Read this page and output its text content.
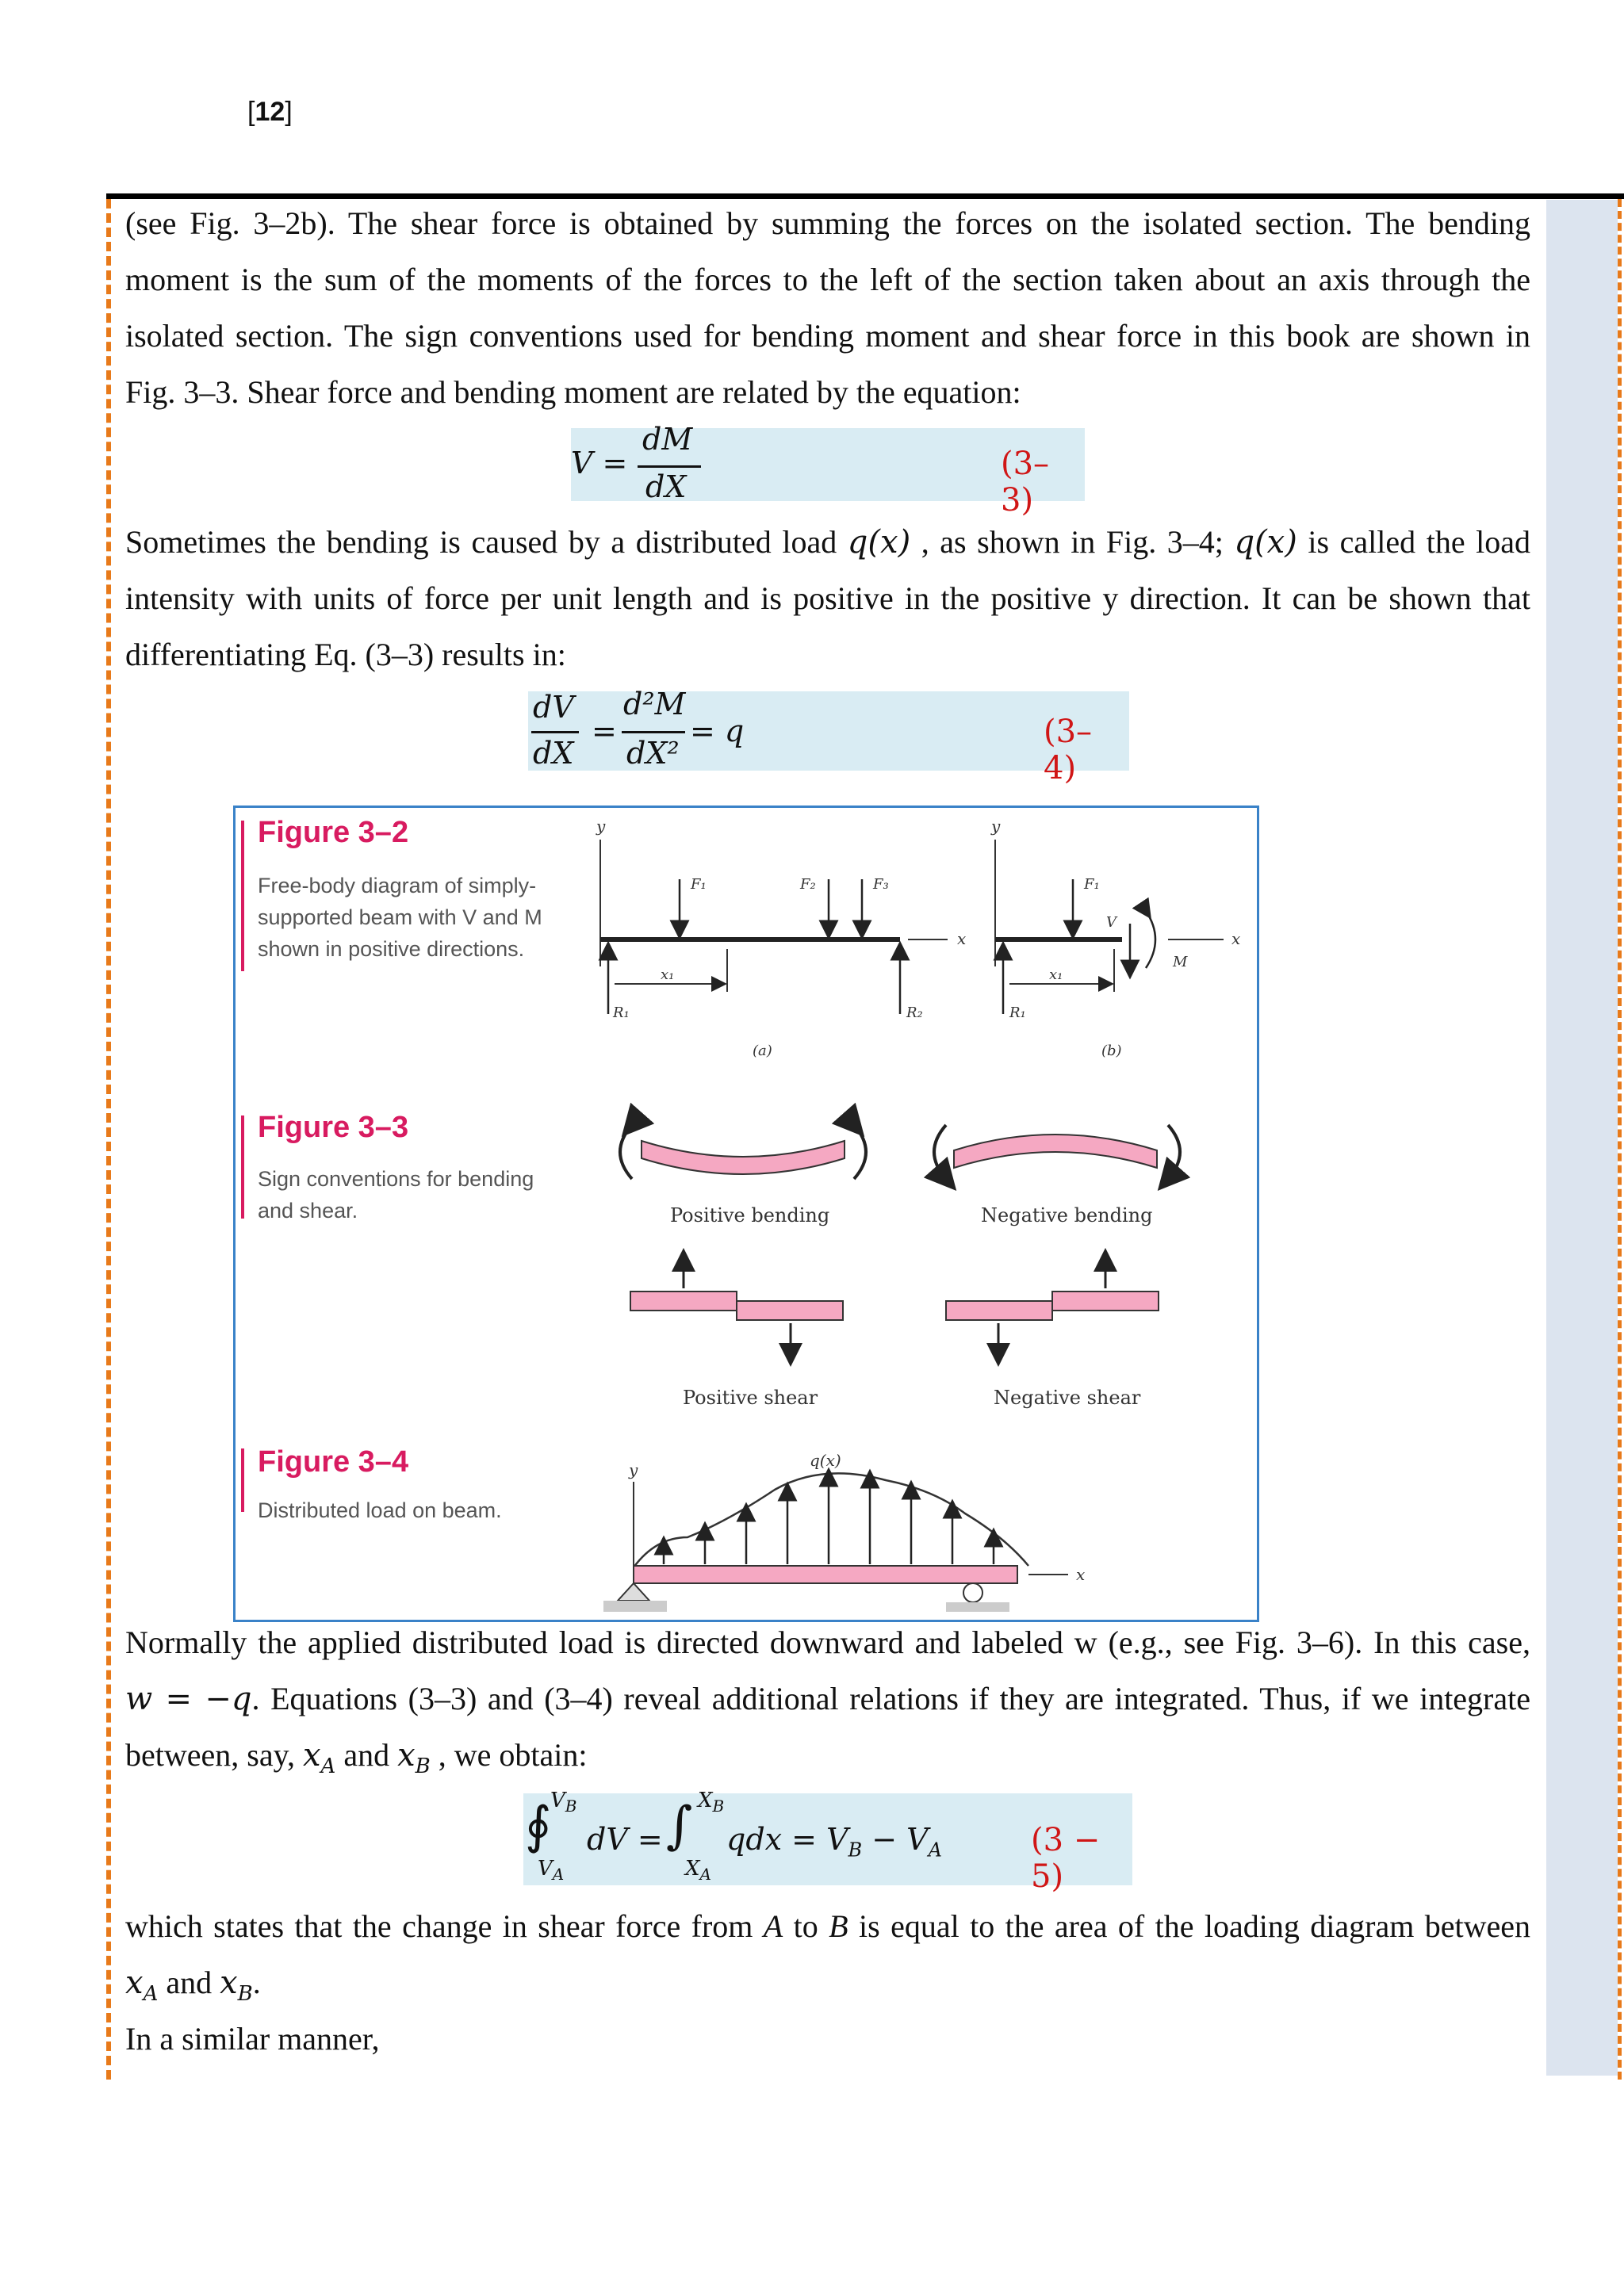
[12]
(see Fig. 3–2b). The shear force is obtained by summing the forces on the isolated section. The bending
moment is the sum of the moments of the forces to the left of the section taken about an axis through the
isolated section. The sign conventions used for bending moment and shear force in this book are shown in
Fig. 3–3. Shear force and bending moment are related by the equation:
V =
dM
dX
(3– 3)
Sometimes the bending is caused by a distributed load q(x) , as shown in Fig. 3–4; q(x) is called the load
intensity with units of force per unit length and is positive in the positive y direction. It can be shown that
differentiating Eq. (3–3) results in:
dV
dX
=
d²M
dX²
= q	(3– 4)
Figure 3–2
Free-body diagram of simply-
supported beam with V and M
shown in positive directions.
Figure 3–3
Sign conventions for bending
and shear.
Figure 3–4
Distributed load on beam.
y
x
F₁	F₂	F₃
R₁	R₂
x₁
(a)
y
x
F₁
V
M
R₁
x₁
(b)
Positive bending	Negative bending
Positive shear	Negative shear
y	q(x)
x
Normally the applied distributed load is directed downward and labeled w (e.g., see Fig. 3–6). In this case,
w = −q. Equations (3–3) and (3–4) reveal additional relations if they are integrated. Thus, if we integrate
between, say, $x_A$ and $x_B$ , we obtain:
∮
$V_B$
$V_A$
dV = ∫ $X_B$
$X_A$
qdx = $V_B - V_A$	(3 − 5)
which states that the change in shear force from A to B is equal to the area of the loading diagram between
$x_A$ and $x_B$.
In a similar manner,
